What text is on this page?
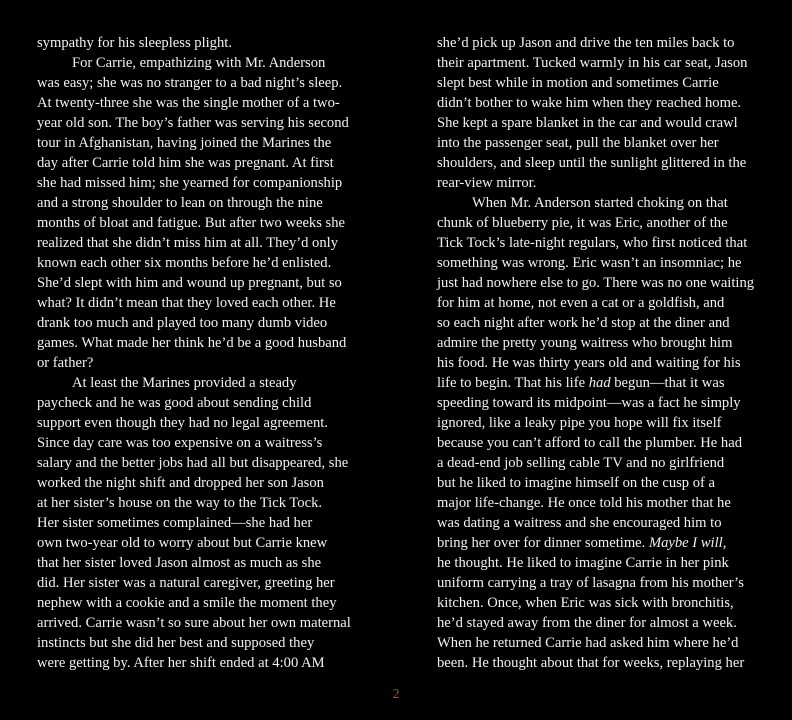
sympathy for his sleepless plight.
For Carrie, empathizing with Mr. Anderson
was easy; she was no stranger to a bad night’s sleep.
At twenty-three she was the single mother of a two-
year old son. The boy’s father was serving his second
tour in Afghanistan, having joined the Marines the
day after Carrie told him she was pregnant. At first
she had missed him; she yearned for companionship
and a strong shoulder to lean on through the nine
months of bloat and fatigue. But after two weeks she
realized that she didn’t miss him at all. They’d only
known each other six months before he’d enlisted.
She’d slept with him and wound up pregnant, but so
what? It didn’t mean that they loved each other. He
drank too much and played too many dumb video
games. What made her think he’d be a good husband
or father?
At least the Marines provided a steady
paycheck and he was good about sending child
support even though they had no legal agreement.
Since day care was too expensive on a waitress’s
salary and the better jobs had all but disappeared, she
worked the night shift and dropped her son Jason
at her sister’s house on the way to the Tick Tock.
Her sister sometimes complained—she had her
own two-year old to worry about but Carrie knew
that her sister loved Jason almost as much as she
did. Her sister was a natural caregiver, greeting her
nephew with a cookie and a smile the moment they
arrived. Carrie wasn’t so sure about her own maternal
instincts but she did her best and supposed they
were getting by. After her shift ended at 4:00 AM
she’d pick up Jason and drive the ten miles back to
their apartment. Tucked warmly in his car seat, Jason
slept best while in motion and sometimes Carrie
didn’t bother to wake him when they reached home.
She kept a spare blanket in the car and would crawl
into the passenger seat, pull the blanket over her
shoulders, and sleep until the sunlight glittered in the
rear-view mirror.
When Mr. Anderson started choking on that
chunk of blueberry pie, it was Eric, another of the
Tick Tock’s late-night regulars, who first noticed that
something was wrong. Eric wasn’t an insomniac; he
just had nowhere else to go. There was no one waiting
for him at home, not even a cat or a goldfish, and
so each night after work he’d stop at the diner and
admire the pretty young waitress who brought him
his food. He was thirty years old and waiting for his
life to begin. That his life had begun—that it was
speeding toward its midpoint—was a fact he simply
ignored, like a leaky pipe you hope will fix itself
because you can’t afford to call the plumber. He had
a dead-end job selling cable TV and no girlfriend
but he liked to imagine himself on the cusp of a
major life-change. He once told his mother that he
was dating a waitress and she encouraged him to
bring her over for dinner sometime. Maybe I will,
he thought. He liked to imagine Carrie in her pink
uniform carrying a tray of lasagna from his mother’s
kitchen. Once, when Eric was sick with bronchitis,
he’d stayed away from the diner for almost a week.
When he returned Carrie had asked him where he’d
been. He thought about that for weeks, replaying her
2
